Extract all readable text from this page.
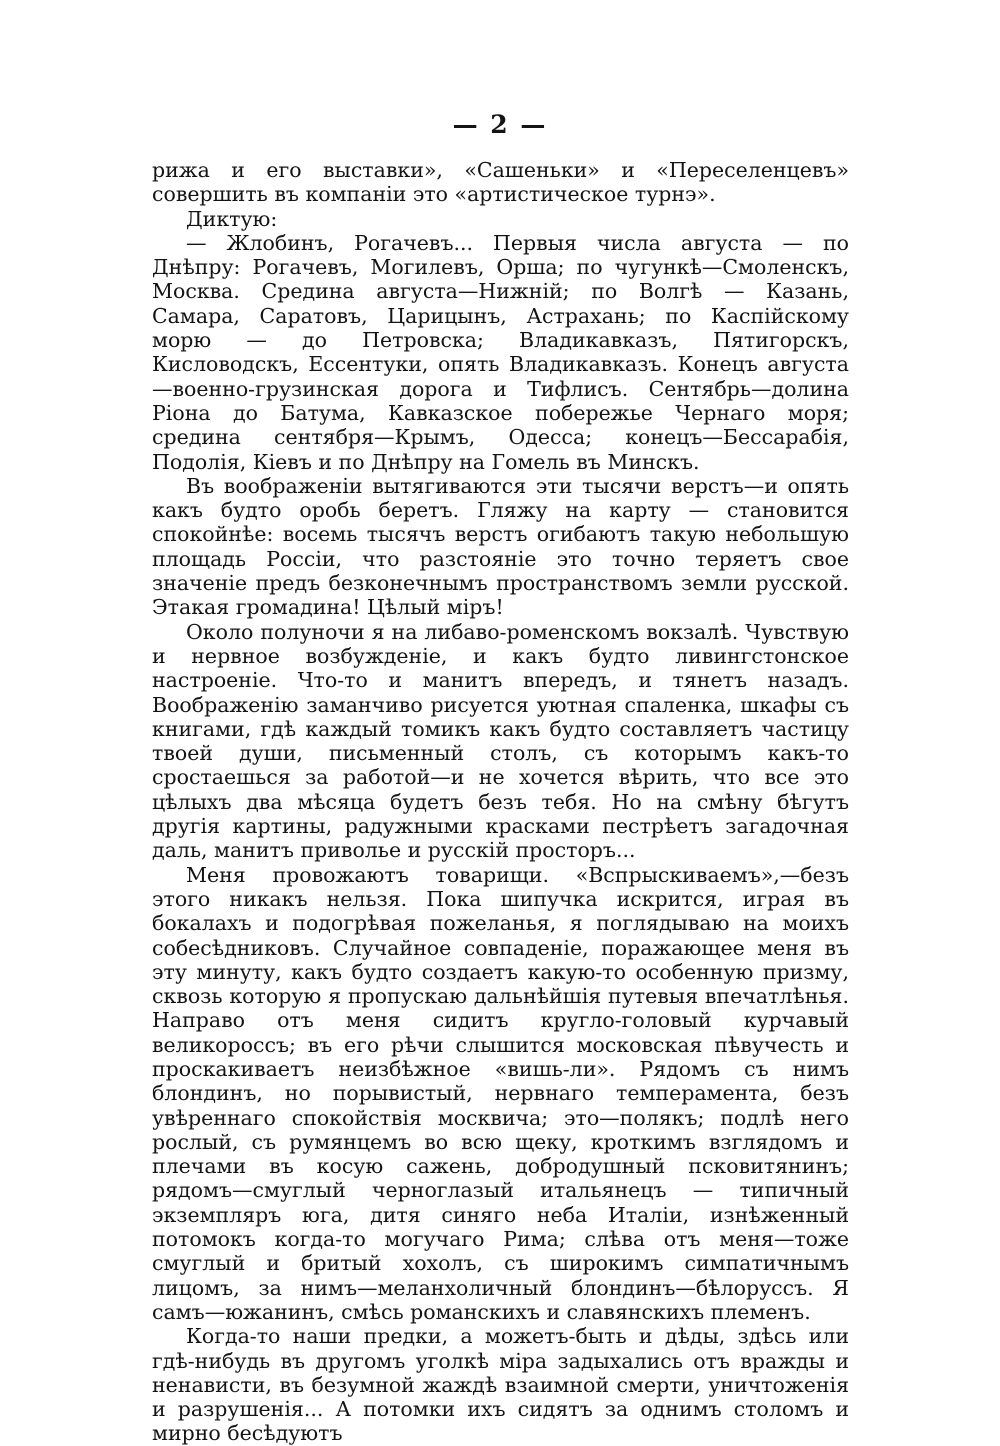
— 2 —

рижа и его выставки», «Сашеньки» и «Переселенцевъ» совершить въ компаніи это «артистическое турнэ».

Диктую:

— Жлобинъ, Рогачевъ... Первыя числа августа — по Днѣпру: Рогачевъ, Могилевъ, Орша; по чугункѣ—Смоленскъ, Москва. Средина августа—Нижній; по Волгѣ — Казань, Самара, Саратовъ, Царицынъ, Астрахань; по Каспійскому морю — до Петровска; Владикавказъ, Пятигорскъ, Кисловодскъ, Ессентуки, опять Владикавказъ. Конецъ августа—военно-грузинская дорога и Тифлисъ. Сентябрь—долина Ріона до Батума, Кавказское побережье Чернаго моря; средина сентября—Крымъ, Одесса; конецъ—Бессарабія, Подолія, Кіевъ и по Днѣпру на Гомель въ Минскъ.

Въ воображеніи вытягиваются эти тысячи верстъ—и опять какъ будто оробь беретъ. Гляжу на карту — становится спокойнѣе: восемь тысячъ верстъ огибаютъ такую небольшую площадь Россіи, что разстояніе это точно теряетъ свое значеніе предъ безконечнымъ пространствомъ земли русской. Этакая громадина! Цѣлый міръ!

Около полуночи я на либаво-роменскомъ вокзалѣ. Чувствую и нервное возбужденіе, и какъ будто ливингстонское настроеніе. Что-то и манитъ впередъ, и тянетъ назадъ. Воображенію заманчиво рисуется уютная спаленка, шкафы съ книгами, гдѣ каждый томикъ какъ будто составляетъ частицу твоей души, письменный столъ, съ которымъ какъ-то сростаешься за работой—и не хочется вѣрить, что все это цѣлыхъ два мѣсяца будетъ безъ тебя. Но на смѣну бѣгутъ другія картины, радужными красками пестрѣетъ загадочная даль, манитъ приволье и русскій просторъ...

Меня провожаютъ товарищи. «Вспрыскиваемъ»,—безъ этого никакъ нельзя. Пока шипучка искрится, играя въ бокалахъ и подогрѣвая пожеланья, я поглядываю на моихъ собесѣдниковъ. Случайное совпаденіе, поражающее меня въ эту минуту, какъ будто создаетъ какую-то особенную призму, сквозь которую я пропускаю дальнѣйшія путевыя впечатлѣнья. Направо отъ меня сидитъ кругло-головый курчавый великороссъ; въ его рѣчи слышится московская пѣвучесть и проскакиваетъ неизбѣжное «вишь-ли». Рядомъ съ нимъ блондинъ, но порывистый, нервнаго темперамента, безъ увѣреннаго спокойствія москвича; это—полякъ; подлѣ него рослый, съ румянцемъ во всю щеку, кроткимъ взглядомъ и плечами въ косую сажень, добродушный псковитянинъ; рядомъ—смуглый черноглазый итальянецъ — типичный экземпляръ юга, дитя синяго неба Италіи, изнѣженный потомокъ когда-то могучаго Рима; слѣва отъ меня—тоже смуглый и бритый хохолъ, съ широкимъ симпатичнымъ лицомъ, за нимъ—меланхоличный блондинъ—бѣлоруссъ. Я самъ—южанинъ, смѣсь романскихъ и славянскихъ племенъ.

Когда-то наши предки, а можетъ-быть и дѣды, здѣсь или гдѣ-нибудь въ другомъ уголкѣ міра задыхались отъ вражды и ненависти, въ безумной жаждѣ взаимной смерти, уничтоженія и разрушенія... А потомки ихъ сидятъ за однимъ столомъ и мирно бесѣдуютъ
